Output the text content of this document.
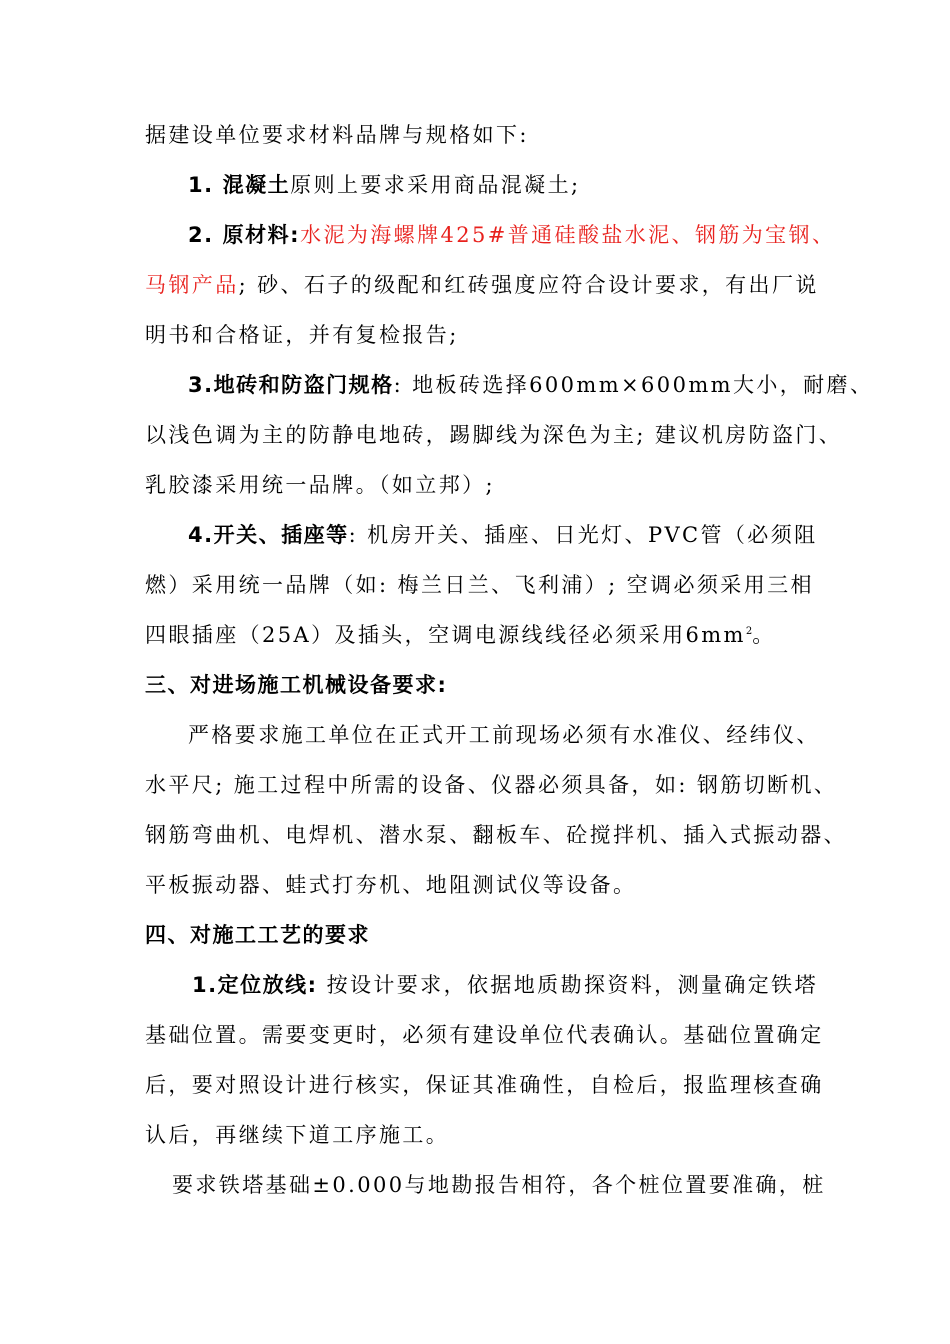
据建设单位要求材料品牌与规格如下:
1. 混凝土原则上要求采用商品混凝土;
2. 原材料:水泥为海螺牌425#普通硅酸盐水泥、钢筋为宝钢、
马钢产品; 砂、石子的级配和红砖强度应符合设计要求，有出厂说
明书和合格证，并有复检报告;
3.地砖和防盗门规格: 地板砖选择600mm×600mm大小，耐磨、
以浅色调为主的防静电地砖，踢脚线为深色为主; 建议机房防盗门、
乳胶漆采用统一品牌。（如立邦）;
4.开关、插座等: 机房开关、插座、日光灯、PVC管（必须阻
燃）采用统一品牌（如: 梅兰日兰、飞利浦）; 空调必须采用三相
四眼插座（25A）及插头，空调电源线线径必须采用$6mm^2$。
三、对进场施工机械设备要求:
严格要求施工单位在正式开工前现场必须有水准仪、经纬仪、
水平尺; 施工过程中所需的设备、仪器必须具备，如: 钢筋切断机、
钢筋弯曲机、电焊机、潜水泵、翻板车、砼搅拌机、插入式振动器、
平板振动器、蛙式打夯机、地阻测试仪等设备。
四、对施工工艺的要求
1.定位放线: 按设计要求，依据地质勘探资料，测量确定铁塔
基础位置。需要变更时，必须有建设单位代表确认。基础位置确定
后，要对照设计进行核实，保证其准确性，自检后，报监理核查确
认后，再继续下道工序施工。
要求铁塔基础±0.000与地勘报告相符，各个桩位置要准确，桩
